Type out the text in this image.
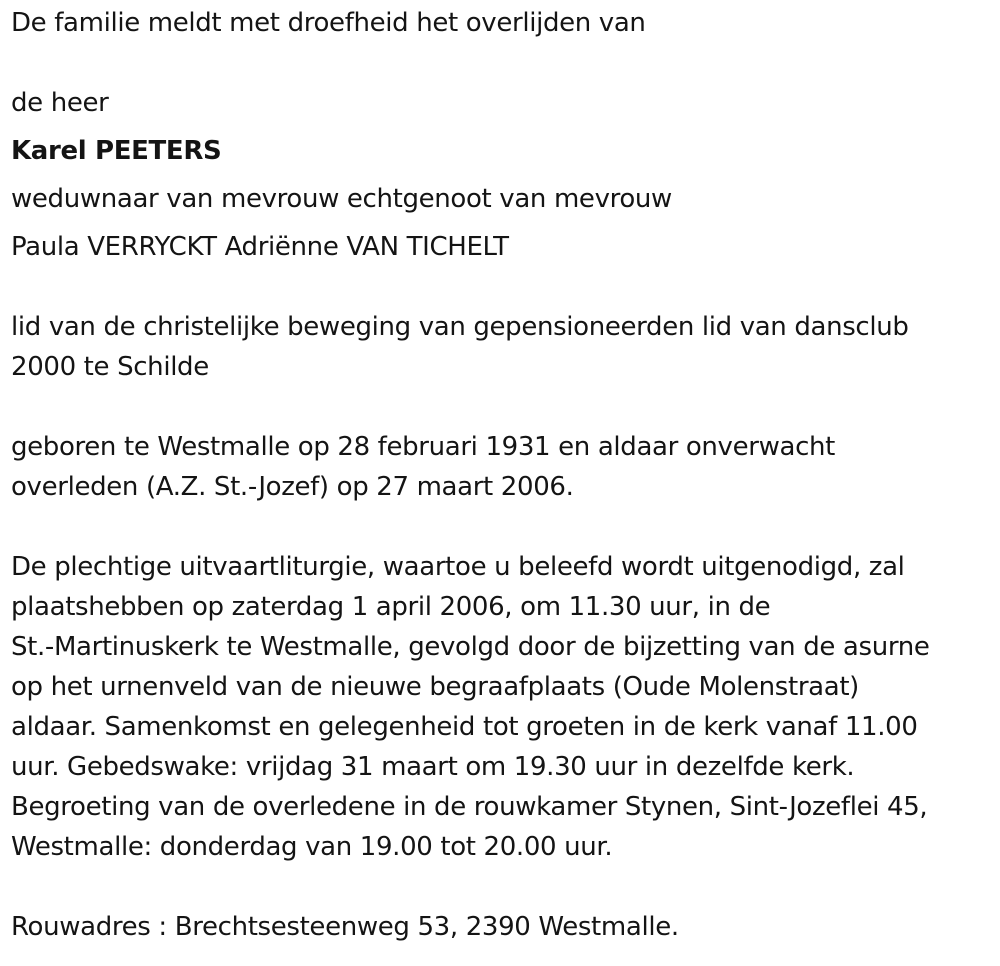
De familie meldt met droefheid het overlijden van
de heer
Karel PEETERS
weduwnaar van mevrouw echtgenoot van mevrouw
Paula VERRYCKT Adriënne VAN TICHELT
lid van de christelijke beweging van gepensioneerden lid van dansclub
2000 te Schilde
geboren te Westmalle op 28 februari 1931 en aldaar onverwacht
overleden (A.Z. St.-Jozef) op 27 maart 2006.
De plechtige uitvaartliturgie, waartoe u beleefd wordt uitgenodigd, zal
plaatshebben op zaterdag 1 april 2006, om 11.30 uur, in de
St.-Martinuskerk te Westmalle, gevolgd door de bijzetting van de asurne
op het urnenveld van de nieuwe begraafplaats (Oude Molenstraat)
aldaar. Samenkomst en gelegenheid tot groeten in de kerk vanaf 11.00
uur. Gebedswake: vrijdag 31 maart om 19.30 uur in dezelfde kerk.
Begroeting van de overledene in de rouwkamer Stynen, Sint-Jozeflei 45,
Westmalle: donderdag van 19.00 tot 20.00 uur.
Rouwadres : Brechtsesteenweg 53, 2390 Westmalle.
